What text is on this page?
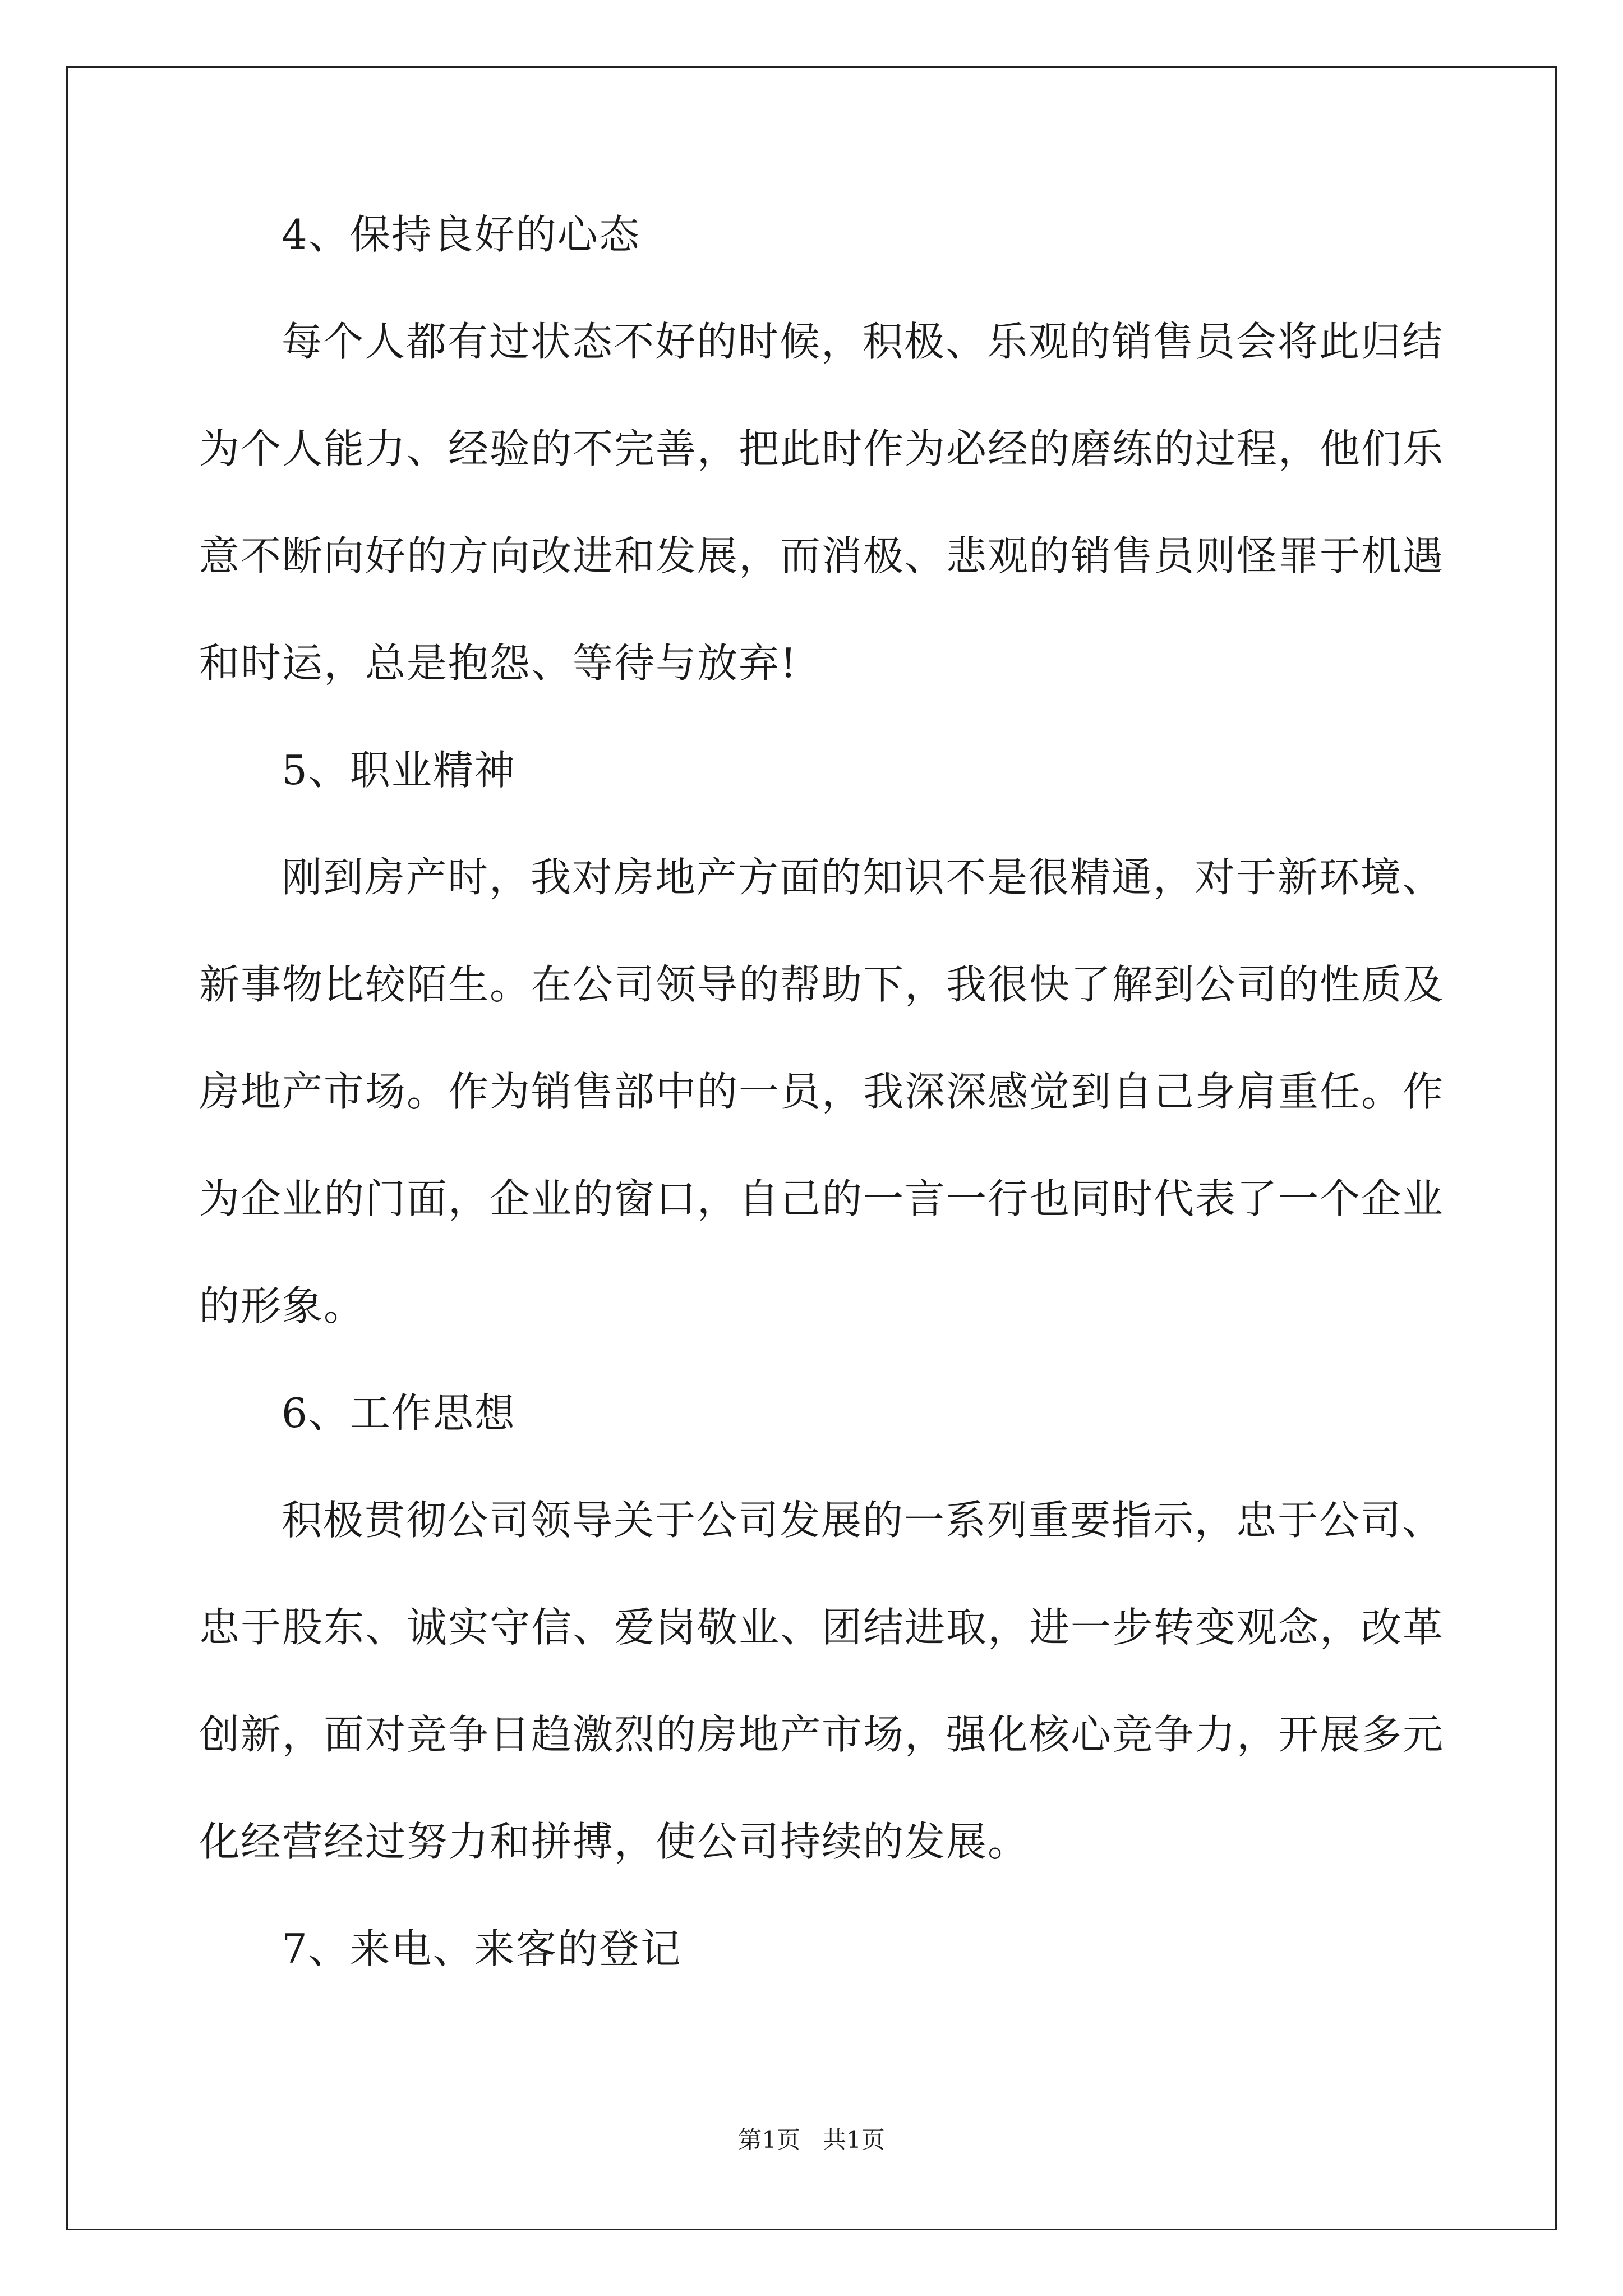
4、保持良好的心态
每个人都有过状态不好的时候，积极、乐观的销售员会将此归结
为个人能力、经验的不完善，把此时作为必经的磨练的过程，他们乐
意不断向好的方向改进和发展，而消极、悲观的销售员则怪罪于机遇
和时运，总是抱怨、等待与放弃!
5、职业精神
刚到房产时，我对房地产方面的知识不是很精通，对于新环境、
新事物比较陌生。在公司领导的帮助下，我很快了解到公司的性质及
房地产市场。作为销售部中的一员，我深深感觉到自己身肩重任。作
为企业的门面，企业的窗口，自己的一言一行也同时代表了一个企业
的形象。
6、工作思想
积极贯彻公司领导关于公司发展的一系列重要指示，忠于公司、
忠于股东、诚实守信、爱岗敬业、团结进取，进一步转变观念，改革
创新，面对竞争日趋激烈的房地产市场，强化核心竞争力，开展多元
化经营经过努力和拼搏，使公司持续的发展。
7、来电、来客的登记
第1页 共1页
